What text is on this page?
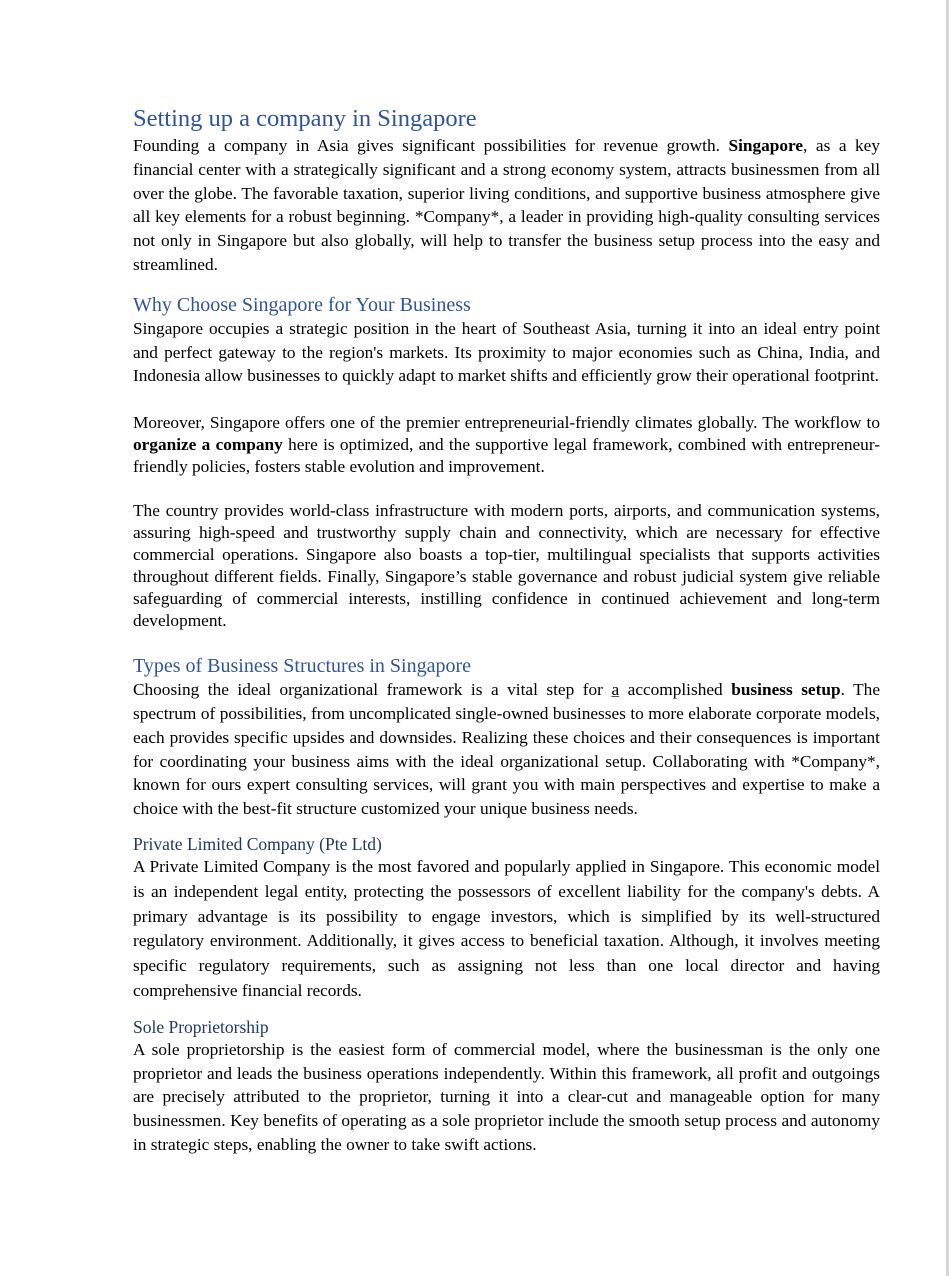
Setting up a company in Singapore

Founding a company in Asia gives significant possibilities for revenue growth. Singapore, as a key financial center with a strategically significant and a strong economy system, attracts businessmen from all over the globe. The favorable taxation, superior living conditions, and supportive business atmosphere give all key elements for a robust beginning. *Company*, a leader in providing high-quality consulting services not only in Singapore but also globally, will help to transfer the business setup process into the easy and streamlined.

Why Choose Singapore for Your Business

Singapore occupies a strategic position in the heart of Southeast Asia, turning it into an ideal entry point and perfect gateway to the region's markets. Its proximity to major economies such as China, India, and Indonesia allow businesses to quickly adapt to market shifts and efficiently grow their operational footprint.

Moreover, Singapore offers one of the premier entrepreneurial-friendly climates globally. The workflow to organize a company here is optimized, and the supportive legal framework, combined with entrepreneur-friendly policies, fosters stable evolution and improvement.

The country provides world-class infrastructure with modern ports, airports, and communication systems, assuring high-speed and trustworthy supply chain and connectivity, which are necessary for effective commercial operations. Singapore also boasts a top-tier, multilingual specialists that supports activities throughout different fields. Finally, Singapore’s stable governance and robust judicial system give reliable safeguarding of commercial interests, instilling confidence in continued achievement and long-term development.

Types of Business Structures in Singapore

Choosing the ideal organizational framework is a vital step for a accomplished business setup. The spectrum of possibilities, from uncomplicated single-owned businesses to more elaborate corporate models, each provides specific upsides and downsides. Realizing these choices and their consequences is important for coordinating your business aims with the ideal organizational setup. Collaborating with *Company*, known for ours expert consulting services, will grant you with main perspectives and expertise to make a choice with the best-fit structure customized your unique business needs.

Private Limited Company (Pte Ltd)

A Private Limited Company is the most favored and popularly applied in Singapore. This economic model is an independent legal entity, protecting the possessors of excellent liability for the company's debts. A primary advantage is its possibility to engage investors, which is simplified by its well-structured regulatory environment. Additionally, it gives access to beneficial taxation. Although, it involves meeting specific regulatory requirements, such as assigning not less than one local director and having comprehensive financial records.

Sole Proprietorship

A sole proprietorship is the easiest form of commercial model, where the businessman is the only one proprietor and leads the business operations independently. Within this framework, all profit and outgoings are precisely attributed to the proprietor, turning it into a clear-cut and manageable option for many businessmen. Key benefits of operating as a sole proprietor include the smooth setup process and autonomy in strategic steps, enabling the owner to take swift actions.
